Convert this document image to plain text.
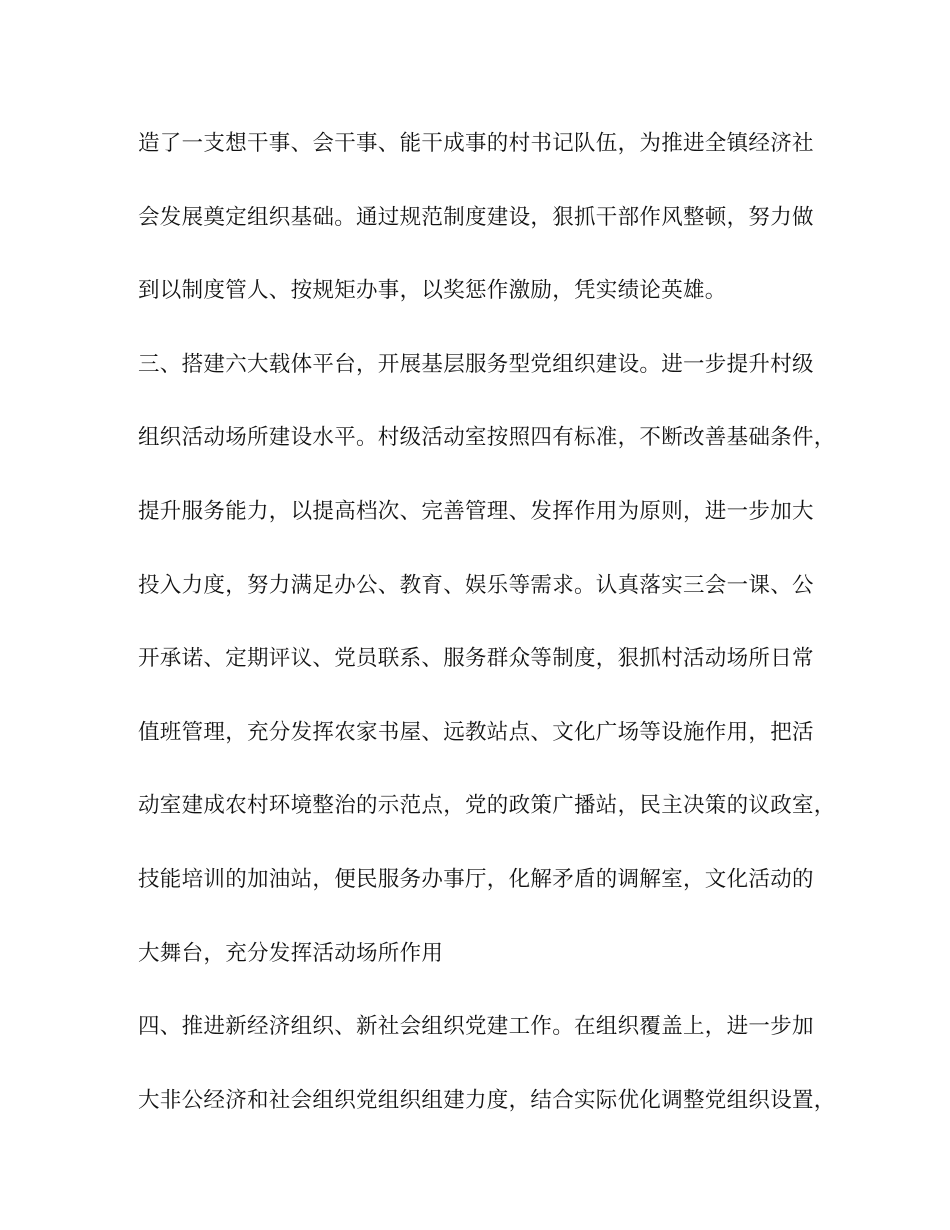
造了一支想干事、会干事、能干成事的村书记队伍，为推进全镇经济社
会发展奠定组织基础。通过规范制度建设，狠抓干部作风整顿，努力做
到以制度管人、按规矩办事，以奖惩作激励，凭实绩论英雄。
三、搭建六大载体平台，开展基层服务型党组织建设。进一步提升村级
组织活动场所建设水平。村级活动室按照四有标准，不断改善基础条件，
提升服务能力，以提高档次、完善管理、发挥作用为原则，进一步加大
投入力度，努力满足办公、教育、娱乐等需求。认真落实三会一课、公
开承诺、定期评议、党员联系、服务群众等制度，狠抓村活动场所日常
值班管理，充分发挥农家书屋、远教站点、文化广场等设施作用，把活
动室建成农村环境整治的示范点，党的政策广播站，民主决策的议政室，
技能培训的加油站，便民服务办事厅，化解矛盾的调解室，文化活动的
大舞台，充分发挥活动场所作用
四、推进新经济组织、新社会组织党建工作。在组织覆盖上，进一步加
大非公经济和社会组织党组织组建力度，结合实际优化调整党组织设置，
